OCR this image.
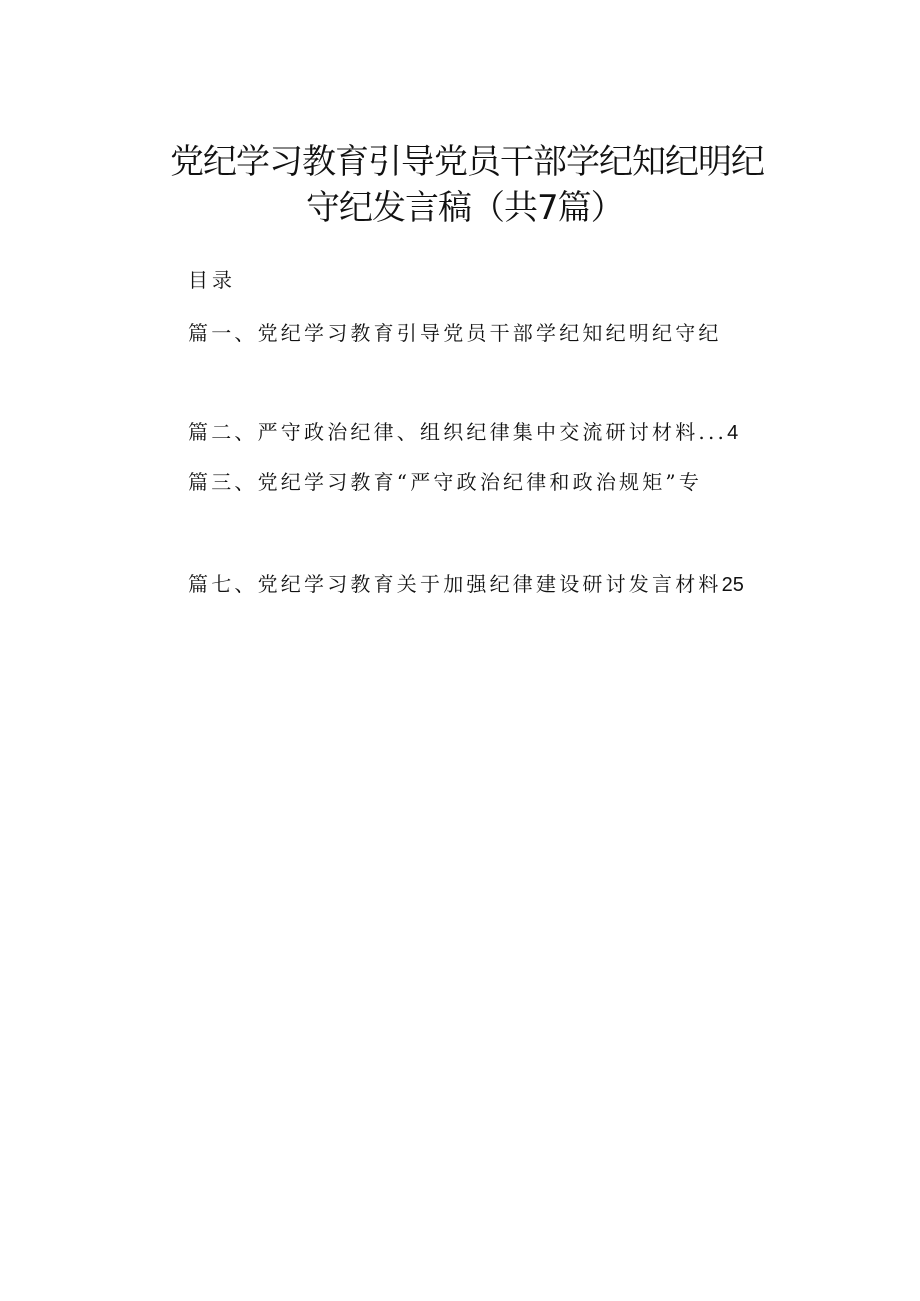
党纪学习教育引导党员干部学纪知纪明纪
守纪发言稿（共7篇）
目录
篇一、党纪学习教育引导党员干部学纪知纪明纪守纪
篇二、严守政治纪律、组织纪律集中交流研讨材料...4
篇三、党纪学习教育“严守政治纪律和政治规矩”专
篇七、党纪学习教育关于加强纪律建设研讨发言材料25
